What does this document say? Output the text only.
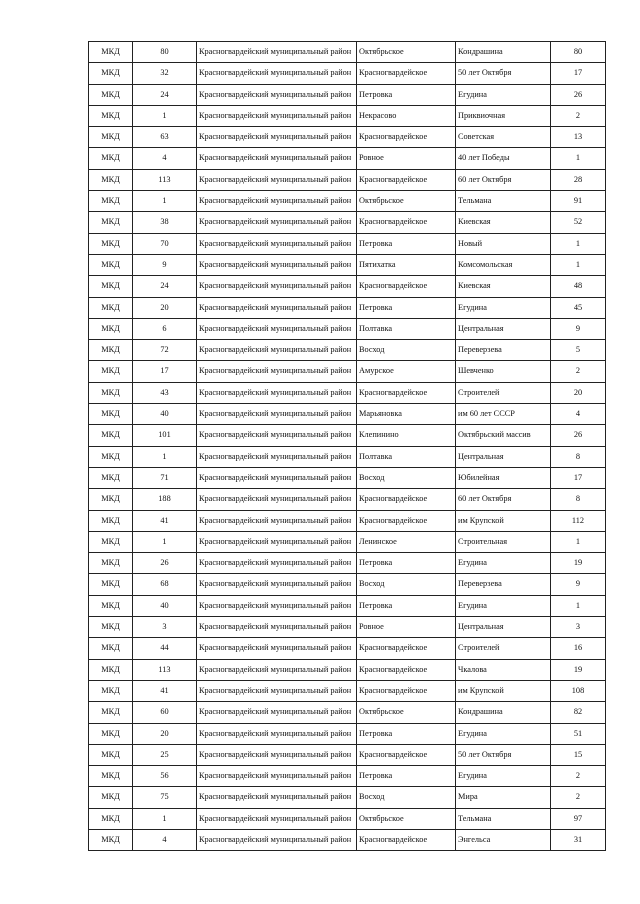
МКД	80	Красногвардейский муниципальный район	Октябрьское	Кондрашина	80
МКД	32	Красногвардейский муниципальный район	Красногвардейское	50 лет Октября	17
МКД	24	Красногвардейский муниципальный район	Петровка	Егудина	26
МКД	1	Красногвардейский муниципальный район	Некрасово	Приквиочная	2
МКД	63	Красногвардейский муниципальный район	Красногвардейское	Советская	13
МКД	4	Красногвардейский муниципальный район	Ровное	40 лет Победы	1
МКД	113	Красногвардейский муниципальный район	Красногвардейское	60 лет Октября	28
МКД	1	Красногвардейский муниципальный район	Октябрьское	Тельмана	91
МКД	38	Красногвардейский муниципальный район	Красногвардейское	Киевская	52
МКД	70	Красногвардейский муниципальный район	Петровка	Новый	1
МКД	9	Красногвардейский муниципальный район	Пятихатка	Комсомольская	1
МКД	24	Красногвардейский муниципальный район	Красногвардейское	Киевская	48
МКД	20	Красногвардейский муниципальный район	Петровка	Егудина	45
МКД	6	Красногвардейский муниципальный район	Полтавка	Центральная	9
МКД	72	Красногвардейский муниципальный район	Восход	Переверзева	5
МКД	17	Красногвардейский муниципальный район	Амурское	Шевченко	2
МКД	43	Красногвардейский муниципальный район	Красногвардейское	Строителей	20
МКД	40	Красногвардейский муниципальный район	Марьяновка	им 60 лет СССР	4
МКД	101	Красногвардейский муниципальный район	Клепинино	Октябрьский массив	26
МКД	1	Красногвардейский муниципальный район	Полтавка	Центральная	8
МКД	71	Красногвардейский муниципальный район	Восход	Юбилейная	17
МКД	188	Красногвардейский муниципальный район	Красногвардейское	60 лет Октября	8
МКД	41	Красногвардейский муниципальный район	Красногвардейское	им Крупской	112
МКД	1	Красногвардейский муниципальный район	Ленинское	Строительная	1
МКД	26	Красногвардейский муниципальный район	Петровка	Егудина	19
МКД	68	Красногвардейский муниципальный район	Восход	Переверзева	9
МКД	40	Красногвардейский муниципальный район	Петровка	Егудина	1
МКД	3	Красногвардейский муниципальный район	Ровное	Центральная	3
МКД	44	Красногвардейский муниципальный район	Красногвардейское	Строителей	16
МКД	113	Красногвардейский муниципальный район	Красногвардейское	Чкалова	19
МКД	41	Красногвардейский муниципальный район	Красногвардейское	им Крупской	108
МКД	60	Красногвардейский муниципальный район	Октябрьское	Кондрашина	82
МКД	20	Красногвардейский муниципальный район	Петровка	Егудина	51
МКД	25	Красногвардейский муниципальный район	Красногвардейское	50 лет Октября	15
МКД	56	Красногвардейский муниципальный район	Петровка	Егудина	2
МКД	75	Красногвардейский муниципальный район	Восход	Мира	2
МКД	1	Красногвардейский муниципальный район	Октябрьское	Тельмана	97
МКД	4	Красногвардейский муниципальный район	Красногвардейское	Энгельса	31
